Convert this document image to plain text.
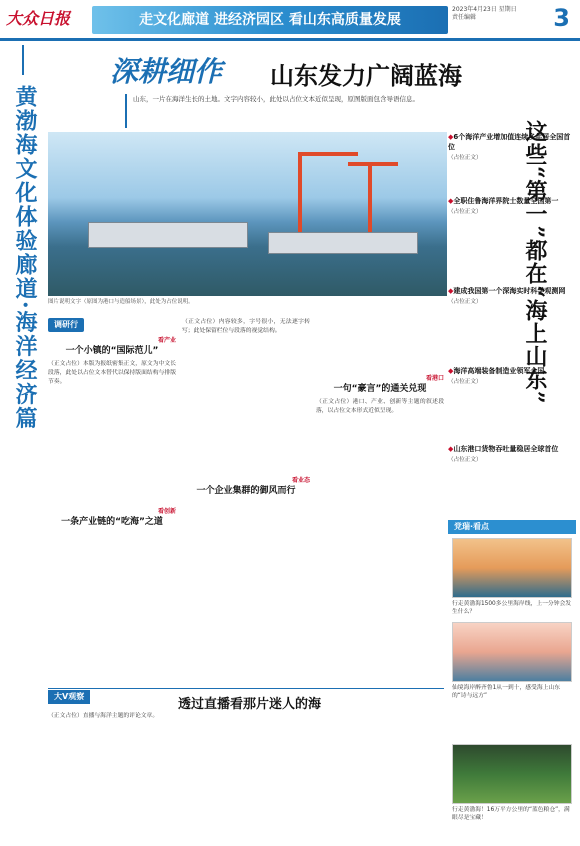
大众日报	走文化廊道 进经济园区 看山东高质量发展
2023年4月23日 星期日
责任编辑	3
黄渤海文化体验廊道·海洋经济篇
深耕细作 山东发力广阔蓝海
山东，一片在海洋生长的土地。文字内容较小，此处以占位文本近似呈现，原图版面包含导语信息。
图片说明文字（原图为港口与造船场景），此处为占位说明。
调研行
看产业
一个小镇的“国际范儿”
（正文占位）本版为报纸密集正文，原文为中文长段落，此处以占位文本替代以保持版面结构与排版节奏。
看创新
一条产业链的“吃海”之道
（正文占位）内容较多，字号很小，无法逐字转写；此处保留栏位与段落的视觉结构。
看业态
一个企业集群的御风而行
看港口
一句“豪言”的通关兑现
（正文占位）港口、产业、创新等主题的叙述段落，以占位文本形式近似呈现。
这些“第一”都在“海上山东”
◆6个海洋产业增加值连续多年居全国首位
（占位正文）
◆全职住鲁海洋界院士数量全国第一
（占位正文）
◆建成我国第一个深海实时科学观测网
（占位正文）
◆海洋高端装备制造业领军全国
（占位正文）
◆山东港口货物吞吐量稳居全球首位
（占位正文）
党瑞·看点
行走黄渤海1500多公里海岸线，上一分钟会发生什么？
仙境海岸醉齐鲁1从一到十，感受海上山东的“诗与远方”
行走黄渤海！16万平方公里的“蓝色粮仓”，满眼尽是宝藏！
大V观察
透过直播看那片迷人的海
（正文占位）直播与海洋主题的评论文章。
